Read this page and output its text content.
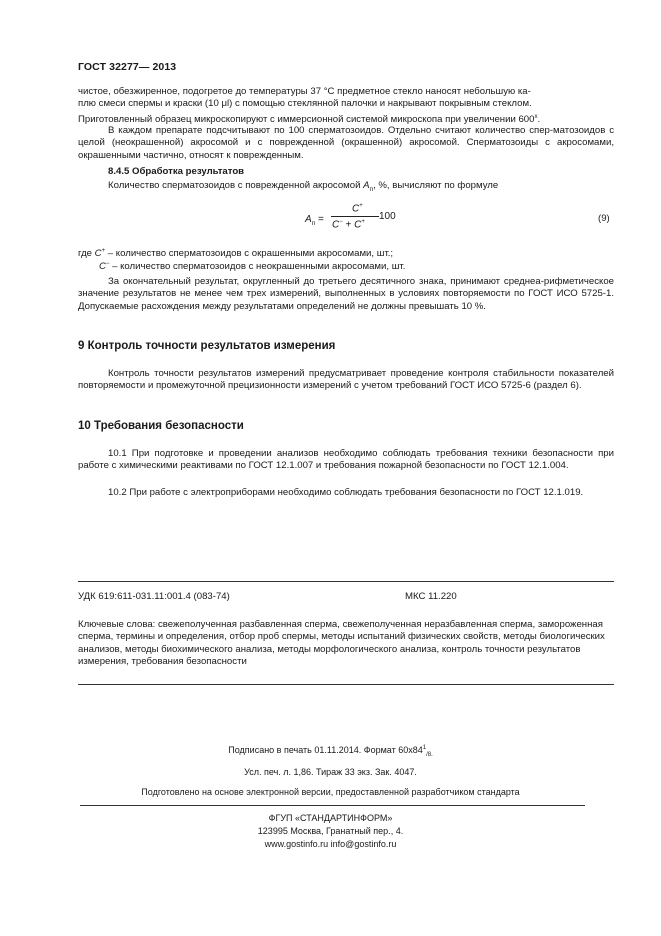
ГОСТ 32277— 2013
чистое, обезжиренное, подогретое до температуры 37 °С предметное стекло наносят небольшую ка-
плю смеси спермы и краски (10 μl) с помощью стеклянной палочки и накрывают покрывным стеклом.
Приготовленный образец микроскопируют с иммерсионной системой микроскопа при увеличении $600^х$.

В каждом препарате подсчитывают по 100 сперматозоидов. Отдельно считают количество спер-матозоидов с целой (неокрашенной) акросомой и с поврежденной (окрашенной) акросомой. Сперматозоиды с акросомами, окрашенными частично, относят к поврежденным.

8.4.5 Обработка результатов
Количество сперматозоидов с поврежденной акросомой $A_п$, %, вычисляют по формуле
$A_п$ =
C+
C− + C+ 100	(9)
где C+ – количество сперматозоидов с окрашенными акросомами, шт.;
C− – количество сперматозоидов с неокрашенными акросомами, шт.

За окончательный результат, округленный до третьего десятичного знака, принимают среднеа-рифметическое значение результатов не менее чем трех измерений, выполненных в условиях повторяемости по ГОСТ ИСО 5725-1. Допускаемые расхождения между результатами определений не должны превышать 10 %.

9 Контроль точности результатов измерения

Контроль точности результатов измерений предусматривает проведение контроля стабильности показателей повторяемости и промежуточной прецизионности измерений с учетом требований ГОСТ ИСО 5725-6 (раздел 6).

10 Требования безопасности

10.1 При подготовке и проведении анализов необходимо соблюдать требования техники безопасности при работе с химическими реактивами по ГОСТ 12.1.007 и требования пожарной безопасности по ГОСТ 12.1.004.

10.2 При работе с электроприборами необходимо соблюдать требования безопасности по ГОСТ 12.1.019.

УДК 619:611-031.11:001.4 (083-74)	МКС 11.220

Ключевые слова: свежеполученная разбавленная сперма, свежеполученная неразбавленная сперма, замороженная сперма, термины и определения, отбор проб спермы, методы испытаний физических свойств, методы биологических анализов, методы биохимического анализа, методы морфологического анализа, контроль точности результатов измерения, требования безопасности

Подписано в печать 01.11.2014. Формат $60х84^1_{/8.}$
Усл. печ. л. 1,86. Тираж 33 экз. Зак. 4047.
Подготовлено на основе электронной версии, предоставленной разработчиком стандарта
ФГУП «СТАНДАРТИНФОРМ»
123995 Москва, Гранатный пер., 4.
www.gostinfo.ru info@gostinfo.ru
